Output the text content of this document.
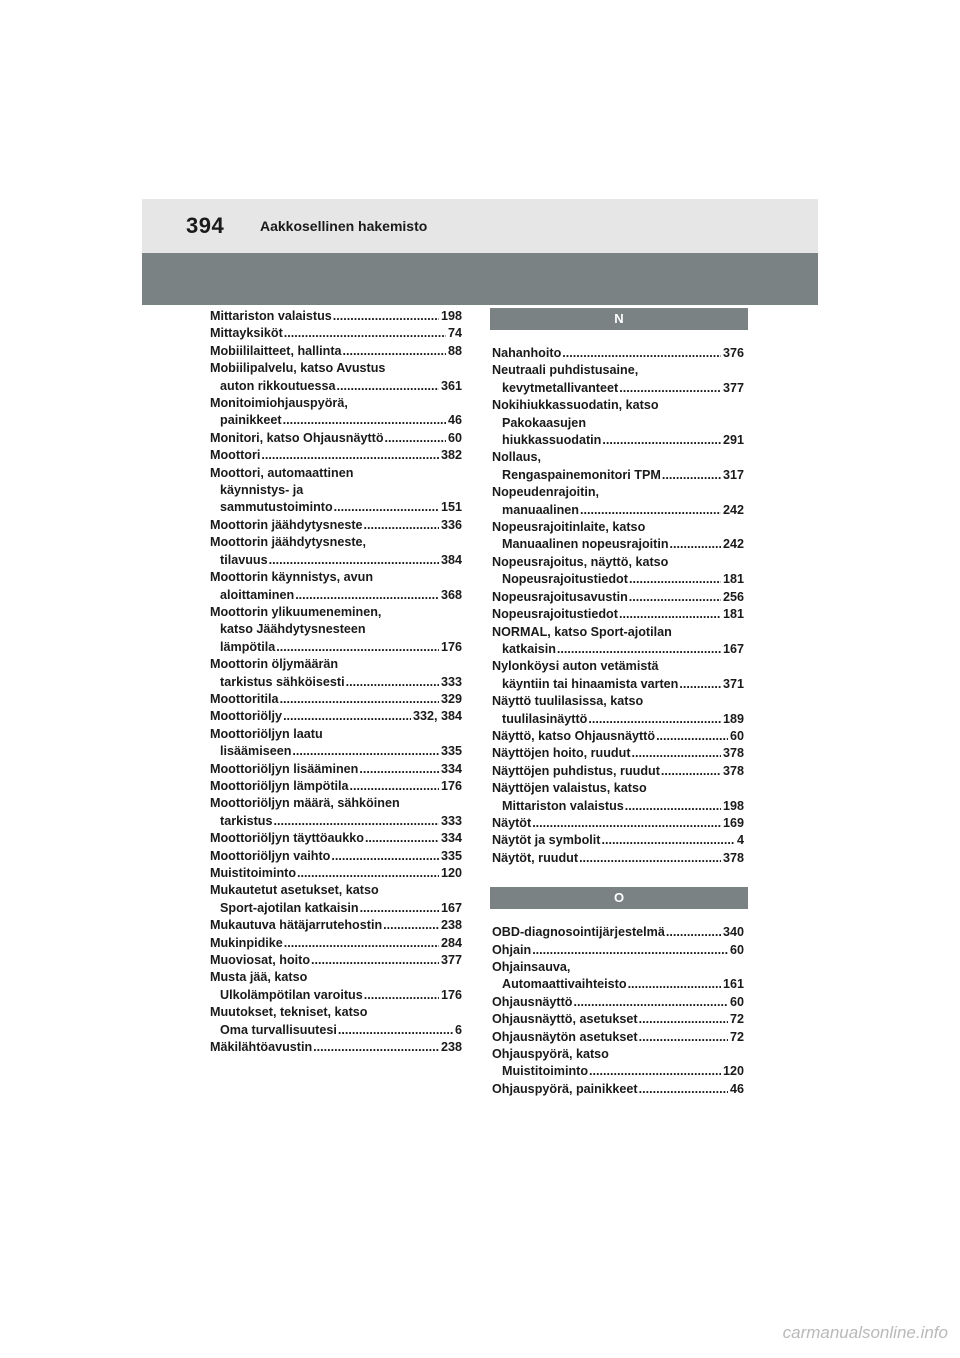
394	Aakkosellinen hakemisto
Mittariston valaistus .....	198
Mittayksiköt .....	74
Mobiililaitteet, hallinta .....	88
Mobiilipalvelu, katso Avustus
auton rikkoutuessa .....	361
Monitoimiohjauspyörä,
painikkeet .....	46
Monitori, katso Ohjausnäyttö .....	60
Moottori .....	382
Moottori, automaattinen
käynnistys- ja
sammutustoiminto .....	151
Moottorin jäähdytysneste .....	336
Moottorin jäähdytysneste,
tilavuus .....	384
Moottorin käynnistys, avun
aloittaminen .....	368
Moottorin ylikuumeneminen,
katso Jäähdytysnesteen
lämpötila .....	176
Moottorin öljymäärän
tarkistus sähköisesti .....	333
Moottoritila .....	329
Moottoriöljy .....	332, 384
Moottoriöljyn laatu
lisäämiseen .....	335
Moottoriöljyn lisääminen .....	334
Moottoriöljyn lämpötila .....	176
Moottoriöljyn määrä, sähköinen
tarkistus .....	333
Moottoriöljyn täyttöaukko .....	334
Moottoriöljyn vaihto .....	335
Muistitoiminto .....	120
Mukautetut asetukset, katso
Sport-ajotilan katkaisin .....	167
Mukautuva hätäjarrutehostin .....	238
Mukinpidike .....	284
Muoviosat, hoito .....	377
Musta jää, katso
Ulkolämpötilan varoitus .....	176
Muutokset, tekniset, katso
Oma turvallisuutesi .....	6
Mäkilähtöavustin .....	238
N
Nahanhoito .....	376
Neutraali puhdistusaine,
kevytmetallivanteet .....	377
Nokihiukkassuodatin, katso
Pakokaasujen
hiukkassuodatin .....	291
Nollaus,
Rengaspainemonitori TPM .....	317
Nopeudenrajoitin,
manuaalinen .....	242
Nopeusrajoitinlaite, katso
Manuaalinen nopeusrajoitin .....	242
Nopeusrajoitus, näyttö, katso
Nopeusrajoitustiedot .....	181
Nopeusrajoitusavustin .....	256
Nopeusrajoitustiedot .....	181
NORMAL, katso Sport-ajotilan
katkaisin .....	167
Nylonköysi auton vetämistä
käyntiin tai hinaamista varten .....	371
Näyttö tuulilasissa, katso
tuulilasinäyttö .....	189
Näyttö, katso Ohjausnäyttö .....	60
Näyttöjen hoito, ruudut .....	378
Näyttöjen puhdistus, ruudut .....	378
Näyttöjen valaistus, katso
Mittariston valaistus .....	198
Näytöt .....	169
Näytöt ja symbolit .....	4
Näytöt, ruudut .....	378
O
OBD-diagnosointijärjestelmä .....	340
Ohjain .....	60
Ohjainsauva,
Automaattivaihteisto .....	161
Ohjausnäyttö .....	60
Ohjausnäyttö, asetukset .....	72
Ohjausnäytön asetukset .....	72
Ohjauspyörä, katso
Muistitoiminto .....	120
Ohjauspyörä, painikkeet .....	46
carmanualsonline.info
